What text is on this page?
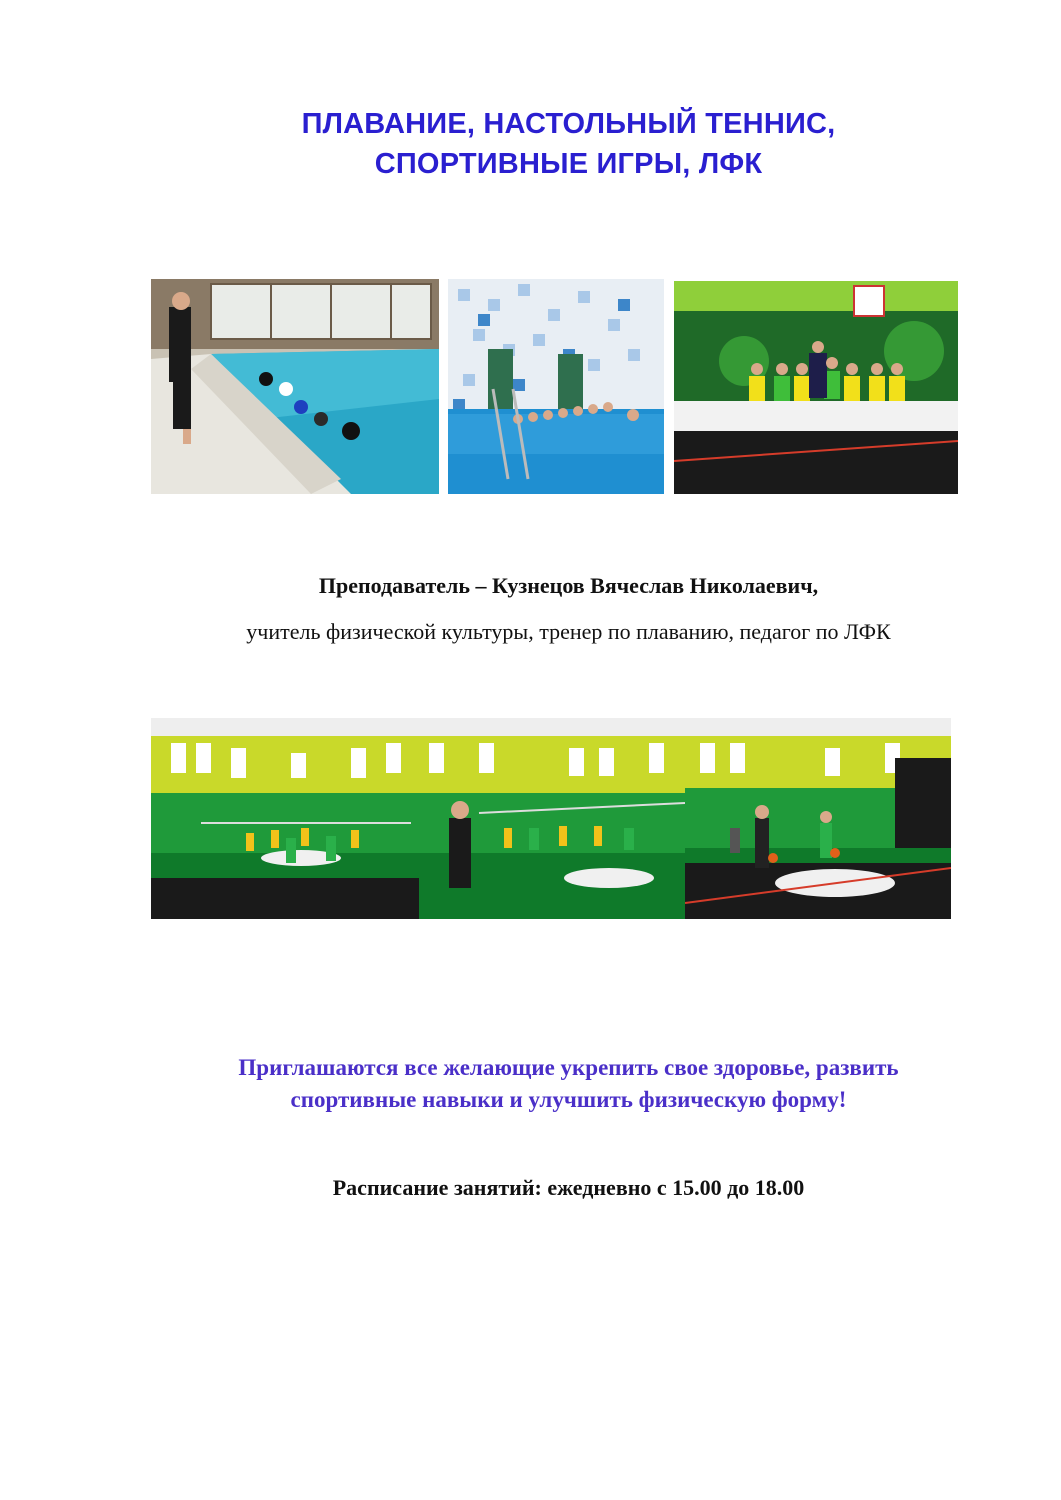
ПЛАВАНИЕ, НАСТОЛЬНЫЙ ТЕННИС,
СПОРТИВНЫЕ ИГРЫ, ЛФК
Преподаватель – Кузнецов Вячеслав Николаевич,
учитель физической культуры, тренер по плаванию, педагог по ЛФК
Приглашаются все желающие укрепить свое здоровье, развить
спортивные навыки и улучшить физическую форму!
Расписание занятий: ежедневно с 15.00 до 18.00
